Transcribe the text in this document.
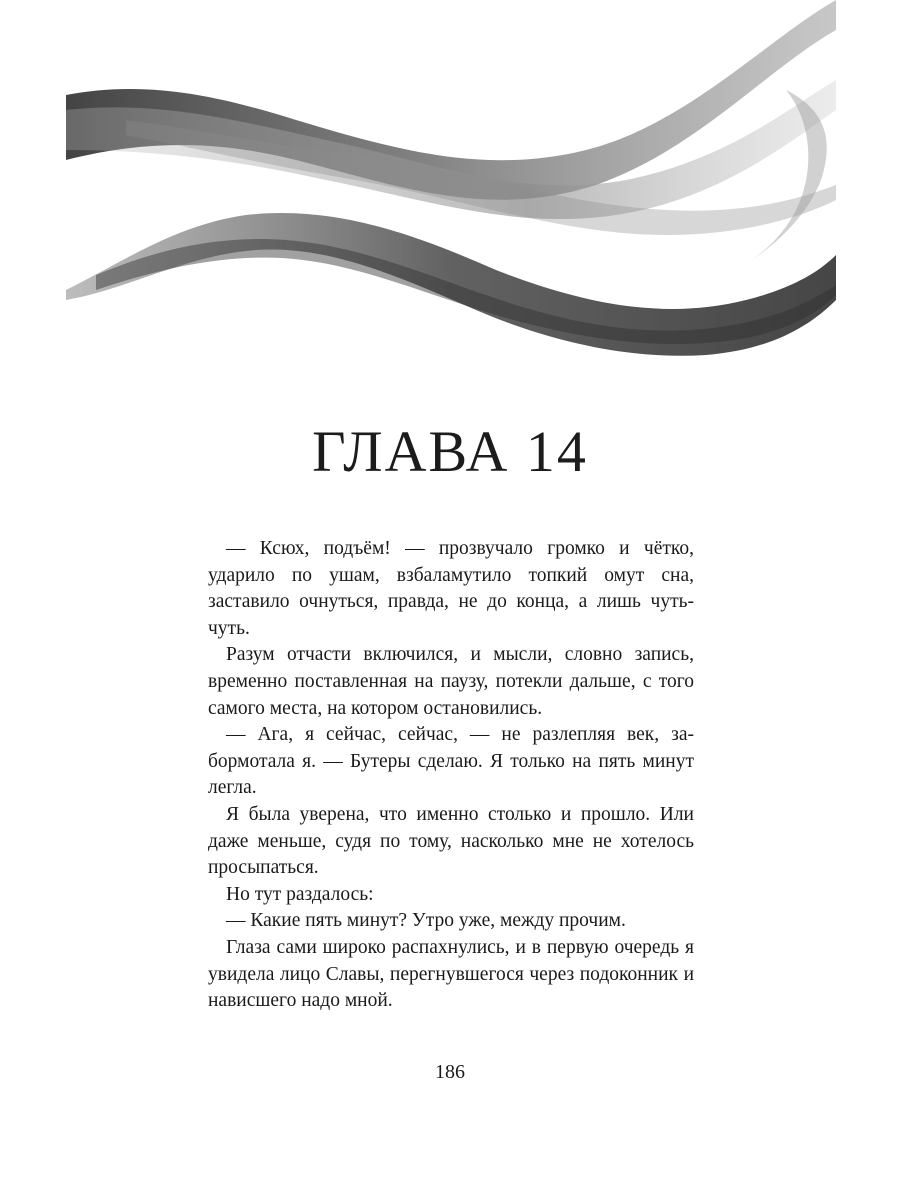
ГЛАВА 14

— Ксюх, подъём! — прозвучало громко и чётко, ударило по ушам, взбаламутило топкий омут сна, заставило очнуться, правда, не до конца, а лишь чуть-чуть.

Разум отчасти включился, и мысли, словно запись, временно поставленная на паузу, потекли дальше, с того самого места, на котором остановились.

— Ага, я сейчас, сейчас, — не разлепляя век, забормотала я. — Бутеры сделаю. Я только на пять минут легла.

Я была уверена, что именно столько и прошло. Или даже меньше, судя по тому, насколько мне не хотелось просыпаться.

Но тут раздалось:

— Какие пять минут? Утро уже, между прочим.

Глаза сами широко распахнулись, и в первую очередь я увидела лицо Славы, перегнувшегося через подоконник и нависшего надо мной.

186
